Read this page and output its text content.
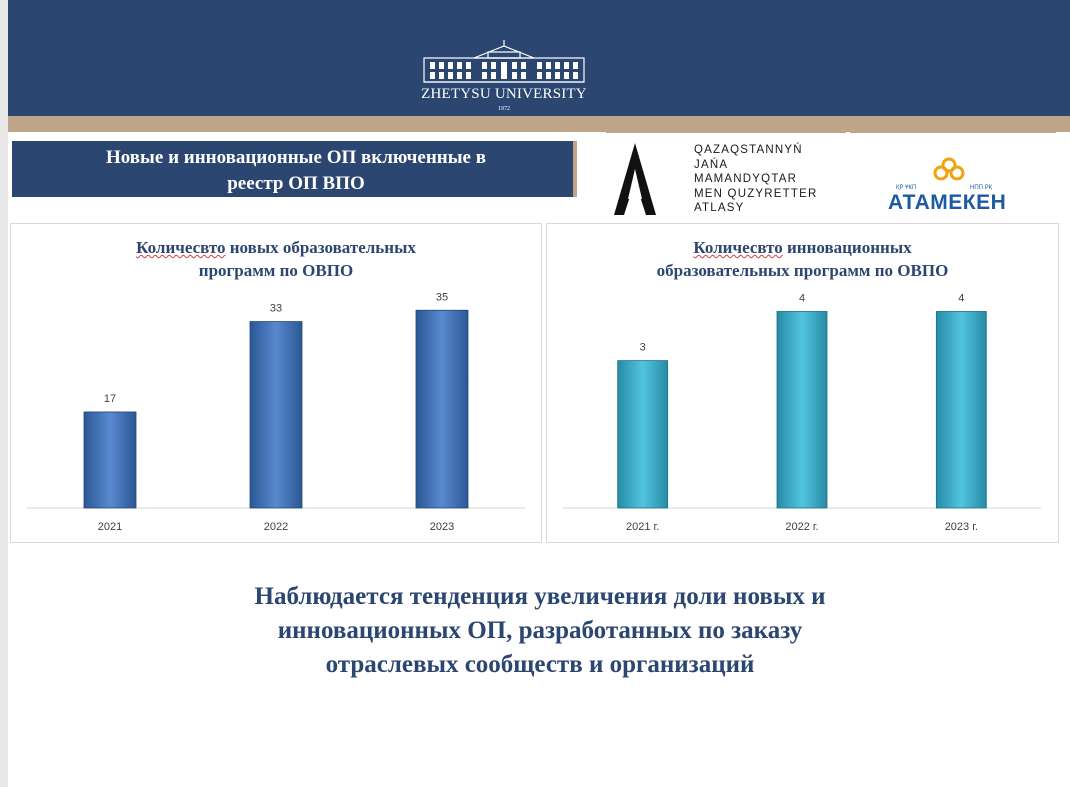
ZHETYSU UNIVERSITY
1972
Новые и инновационные ОП включенные в
реестр ОП ВПО
QAZAQSTANNYŃ
JAŃA
MAMANDYQTAR
MEN QUZYRETTER
ATLASY
ҚР ҰКП	НПП РК
АТАМЕКЕН
Количесвто новых образовательных
программ по ОВПО
17
2021
33
2022
35
2023
Количесвто инновационных
образовательных программ по ОВПО
3
2021 г.
4
2022 г.
4
2023 г.
Наблюдается тенденция увеличения доли новых и
инновационных ОП, разработанных по заказу
отраслевых сообществ и организаций
